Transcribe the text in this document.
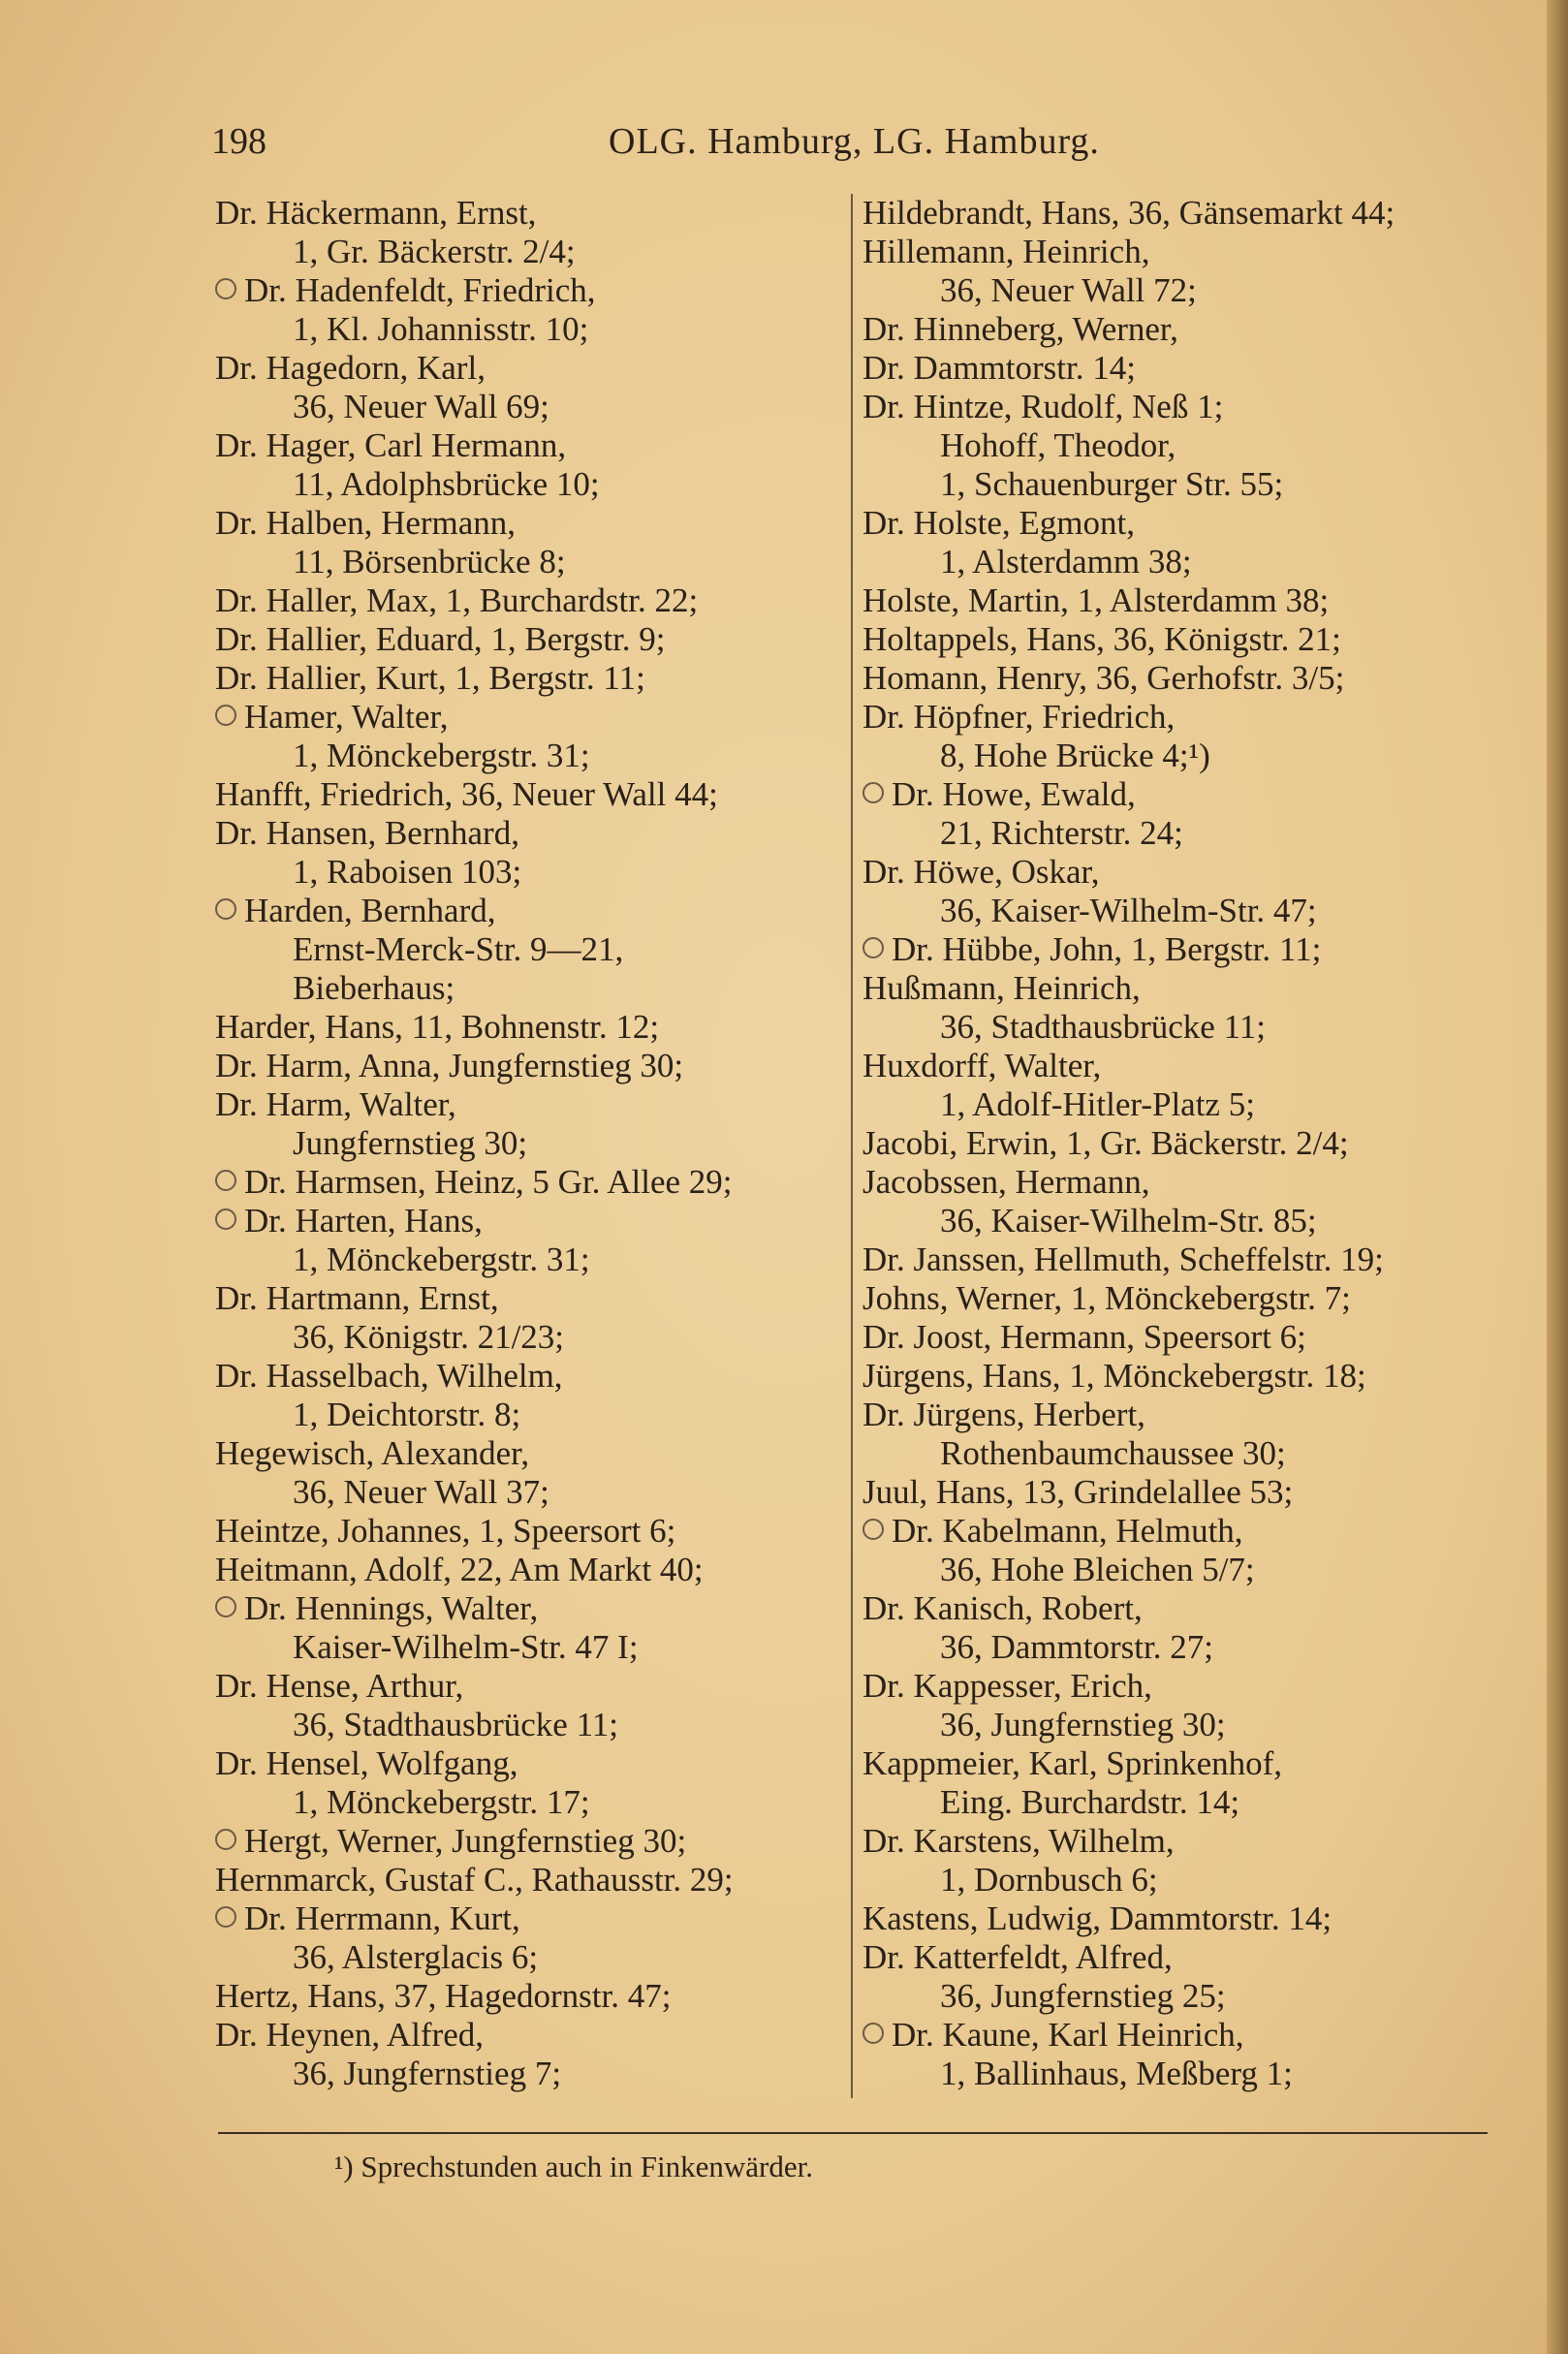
198	OLG. Hamburg, LG. Hamburg.
Dr. Häckermann, Ernst,
1, Gr. Bäckerstr. 2/4;
Dr. Hadenfeldt, Friedrich,
1, Kl. Johannisstr. 10;
Dr. Hagedorn, Karl,
36, Neuer Wall 69;
Dr. Hager, Carl Hermann,
11, Adolphsbrücke 10;
Dr. Halben, Hermann,
11, Börsenbrücke 8;
Dr. Haller, Max, 1, Burchardstr. 22;
Dr. Hallier, Eduard, 1, Bergstr. 9;
Dr. Hallier, Kurt, 1, Bergstr. 11;
Hamer, Walter,
1, Mönckebergstr. 31;
Hanfft, Friedrich, 36, Neuer Wall 44;
Dr. Hansen, Bernhard,
1, Raboisen 103;
Harden, Bernhard,
Ernst-Merck-Str. 9—21,
Bieberhaus;
Harder, Hans, 11, Bohnenstr. 12;
Dr. Harm, Anna, Jungfernstieg 30;
Dr. Harm, Walter,
Jungfernstieg 30;
Dr. Harmsen, Heinz, 5 Gr. Allee 29;
Dr. Harten, Hans,
1, Mönckebergstr. 31;
Dr. Hartmann, Ernst,
36, Königstr. 21/23;
Dr. Hasselbach, Wilhelm,
1, Deichtorstr. 8;
Hegewisch, Alexander,
36, Neuer Wall 37;
Heintze, Johannes, 1, Speersort 6;
Heitmann, Adolf, 22, Am Markt 40;
Dr. Hennings, Walter,
Kaiser-Wilhelm-Str. 47 I;
Dr. Hense, Arthur,
36, Stadthausbrücke 11;
Dr. Hensel, Wolfgang,
1, Mönckebergstr. 17;
Hergt, Werner, Jungfernstieg 30;
Hernmarck, Gustaf C., Rathausstr. 29;
Dr. Herrmann, Kurt,
36, Alsterglacis 6;
Hertz, Hans, 37, Hagedornstr. 47;
Dr. Heynen, Alfred,
36, Jungfernstieg 7;
Hildebrandt, Hans, 36, Gänsemarkt 44;
Hillemann, Heinrich,
36, Neuer Wall 72;
Dr. Hinneberg, Werner,
Dr. Dammtorstr. 14;
Dr. Hintze, Rudolf, Neß 1;
Hohoff, Theodor,
1, Schauenburger Str. 55;
Dr. Holste, Egmont,
1, Alsterdamm 38;
Holste, Martin, 1, Alsterdamm 38;
Holtappels, Hans, 36, Königstr. 21;
Homann, Henry, 36, Gerhofstr. 3/5;
Dr. Höpfner, Friedrich,
8, Hohe Brücke 4;¹)
Dr. Howe, Ewald,
21, Richterstr. 24;
Dr. Höwe, Oskar,
36, Kaiser-Wilhelm-Str. 47;
Dr. Hübbe, John, 1, Bergstr. 11;
Hußmann, Heinrich,
36, Stadthausbrücke 11;
Huxdorff, Walter,
1, Adolf-Hitler-Platz 5;
Jacobi, Erwin, 1, Gr. Bäckerstr. 2/4;
Jacobssen, Hermann,
36, Kaiser-Wilhelm-Str. 85;
Dr. Janssen, Hellmuth, Scheffelstr. 19;
Johns, Werner, 1, Mönckebergstr. 7;
Dr. Joost, Hermann, Speersort 6;
Jürgens, Hans, 1, Mönckebergstr. 18;
Dr. Jürgens, Herbert,
Rothenbaumchaussee 30;
Juul, Hans, 13, Grindelallee 53;
Dr. Kabelmann, Helmuth,
36, Hohe Bleichen 5/7;
Dr. Kanisch, Robert,
36, Dammtorstr. 27;
Dr. Kappesser, Erich,
36, Jungfernstieg 30;
Kappmeier, Karl, Sprinkenhof,
Eing. Burchardstr. 14;
Dr. Karstens, Wilhelm,
1, Dornbusch 6;
Kastens, Ludwig, Dammtorstr. 14;
Dr. Katterfeldt, Alfred,
36, Jungfernstieg 25;
Dr. Kaune, Karl Heinrich,
1, Ballinhaus, Meßberg 1;
¹) Sprechstunden auch in Finkenwärder.
